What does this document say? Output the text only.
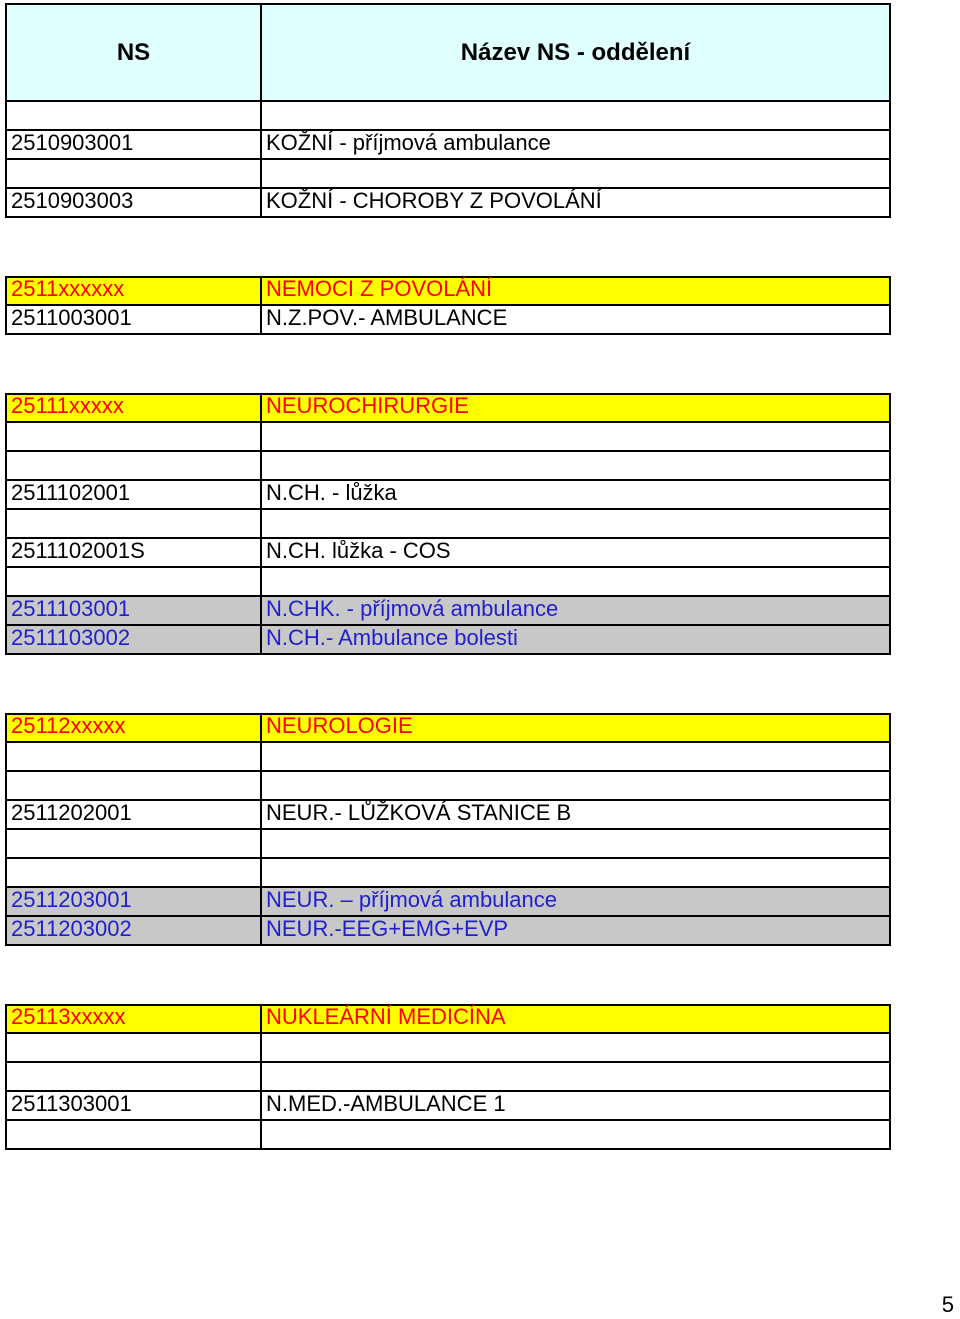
NS	Název NS - oddělení
2510903001	KOŽNÍ - příjmová ambulance
2510903003	KOŽNÍ - CHOROBY Z POVOLÁNÍ
2511xxxxxx	NEMOCI Z POVOLÁNÍ
2511003001	N.Z.POV.- AMBULANCE
25111xxxxx	NEUROCHIRURGIE
2511102001	N.CH. - lůžka
2511102001S	N.CH. lůžka - COS
2511103001	N.CHK. - příjmová ambulance
2511103002	N.CH.- Ambulance bolesti
25112xxxxx	NEUROLOGIE
2511202001	NEUR.- LŮŽKOVÁ STANICE B
2511203001	NEUR. – příjmová ambulance
2511203002	NEUR.-EEG+EMG+EVP
25113xxxxx	NUKLEÁRNÍ MEDICÍNA
2511303001	N.MED.-AMBULANCE 1
5
